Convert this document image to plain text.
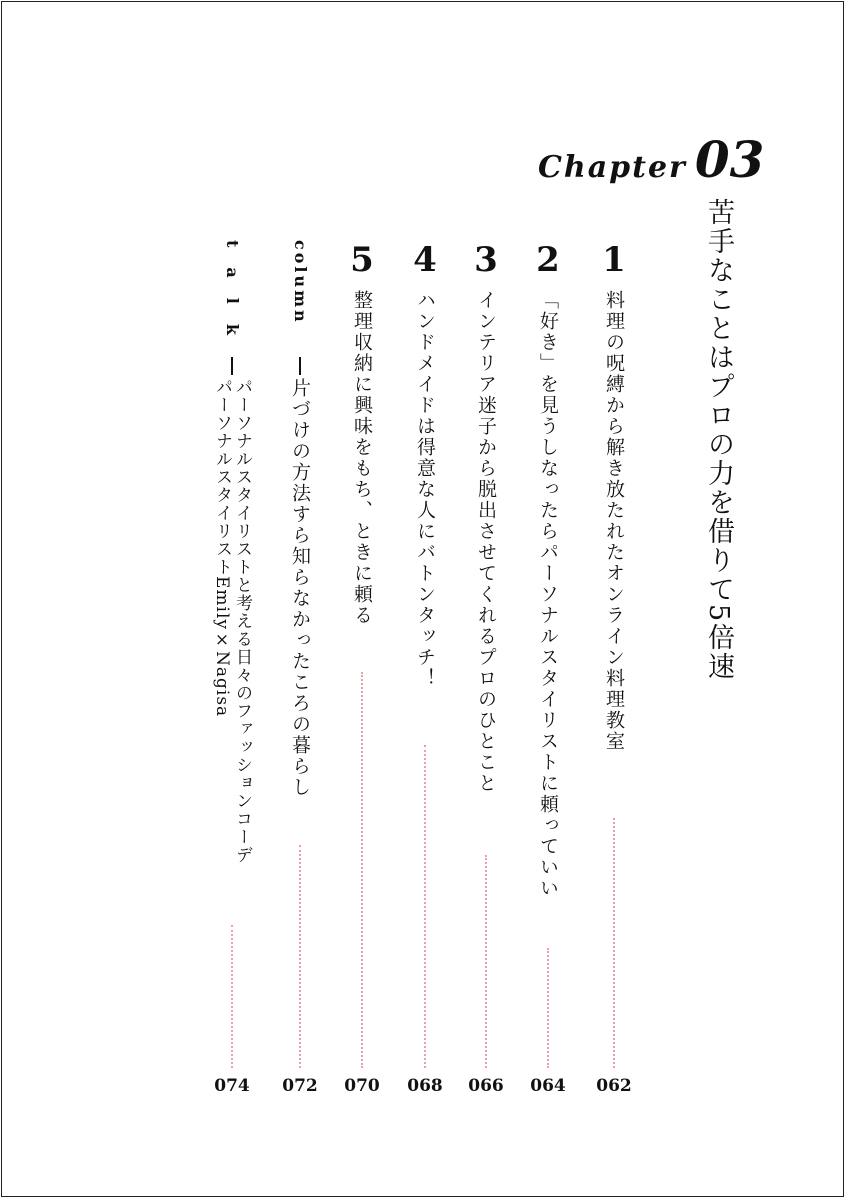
Chapter 03
苦手なことはプロの力を借りて5倍速
1
料理の呪縛から解き放たれたオンライン料理教室
062
2
「好き」を見うしなったらパーソナルスタイリストに頼っていい
064
3
インテリア迷子から脱出させてくれるプロのひとこと
066
4
ハンドメイドは得意な人にバトンタッチ！
068
5
整理収納に興味をもち、ときに頼る
070
column
片づけの方法すら知らなかったころの暮らし
072
talk
パーソナルスタイリストと考える日々のファッションコーデ
パーソナルスタイリストEmily×Nagisa
074
